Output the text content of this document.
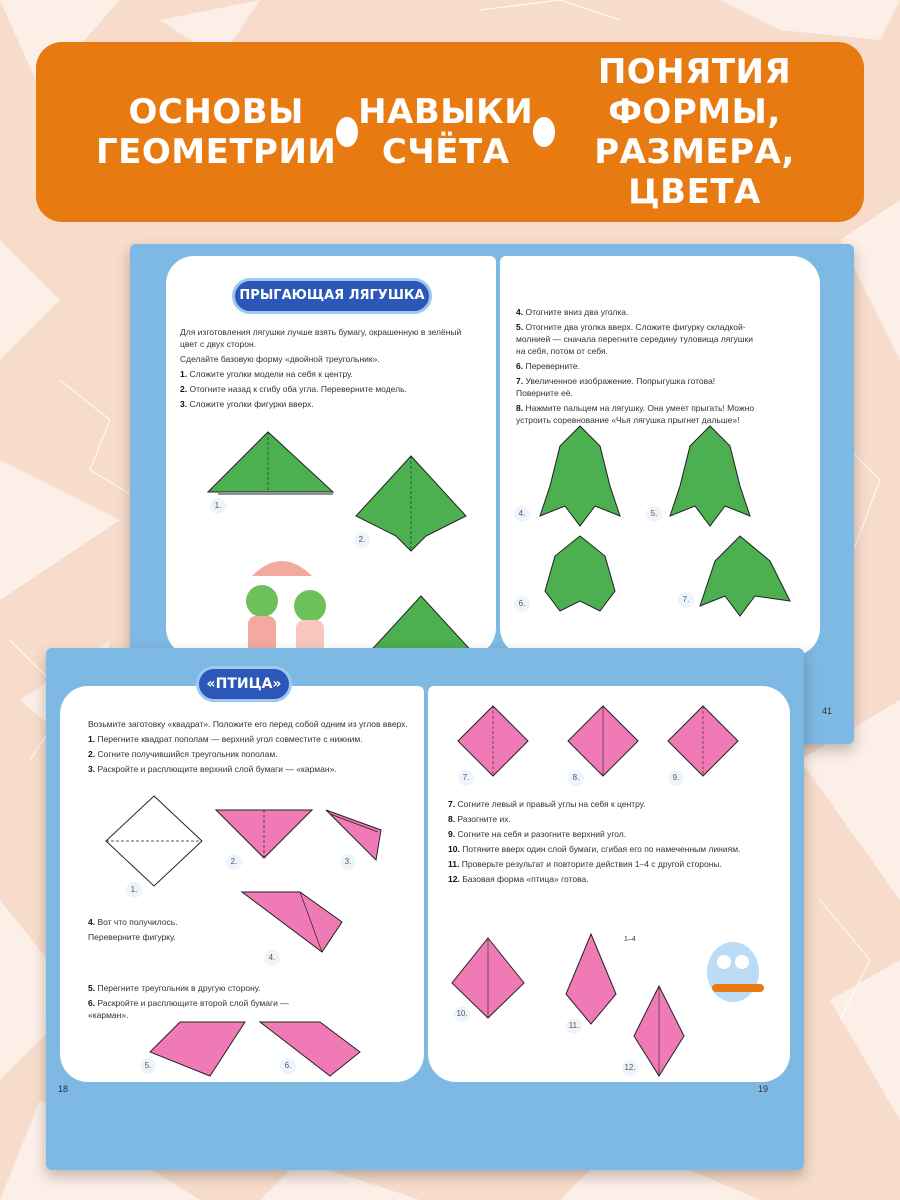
ОСНОВЫ
ГЕОМЕТРИИ
НАВЫКИ
СЧЁТА
ПОНЯТИЯ
ФОРМЫ, РАЗМЕРА,
ЦВЕТА
ПРЫГАЮЩАЯ ЛЯГУШКА
Для изготовления лягушки лучше взять бумагу, окрашенную в зелёный цвет с двух сторон.
Сделайте базовую форму «двойной треугольник».
1. Сложите уголки модели на себя к центру.
2. Отогните назад к сгибу оба угла. Переверните модель.
3. Сложите уголки фигурки вверх.
1.
2.
4. Отогните вниз два уголка.
5. Отогните два уголка вверх. Сложите фигурку складкой-молнией — сначала перегните середину туловища лягушки на себя, потом от себя.
6. Переверните.
7. Увеличенное изображение. Попрыгушка готова! Поверните её.
8. Нажмите пальцем на лягушку. Она умеет прыгать! Можно устроить соревнование «Чья лягушка прыгнет дальше»!
4.	5.
6.	7.
41
«ПТИЦА»
Возьмите заготовку «квадрат». Положите его перед собой одним из углов вверх.
1. Перегните квадрат пополам — верхний угол совместите с нижним.
2. Согните получившийся треугольник пополам.
3. Раскройте и расплющите верхний слой бумаги — «карман».
1.
2.	3.
4. Вот что получилось.
Переверните фигурку.
4.
5. Перегните треугольник в другую сторону.
6. Раскройте и расплющите второй слой бумаги — «карман».
5.	6.
18
7.	8.	9.
7. Согните левый и правый углы на себя к центру.
8. Разогните их.
9. Согните на себя и разогните верхний угол.
10. Потяните вверх один слой бумаги, сгибая его по намеченным линиям.
11. Проверьте результат и повторите действия 1–4 с другой стороны.
12. Базовая форма «птица» готова.
10.
11.
1–4
12.
19
